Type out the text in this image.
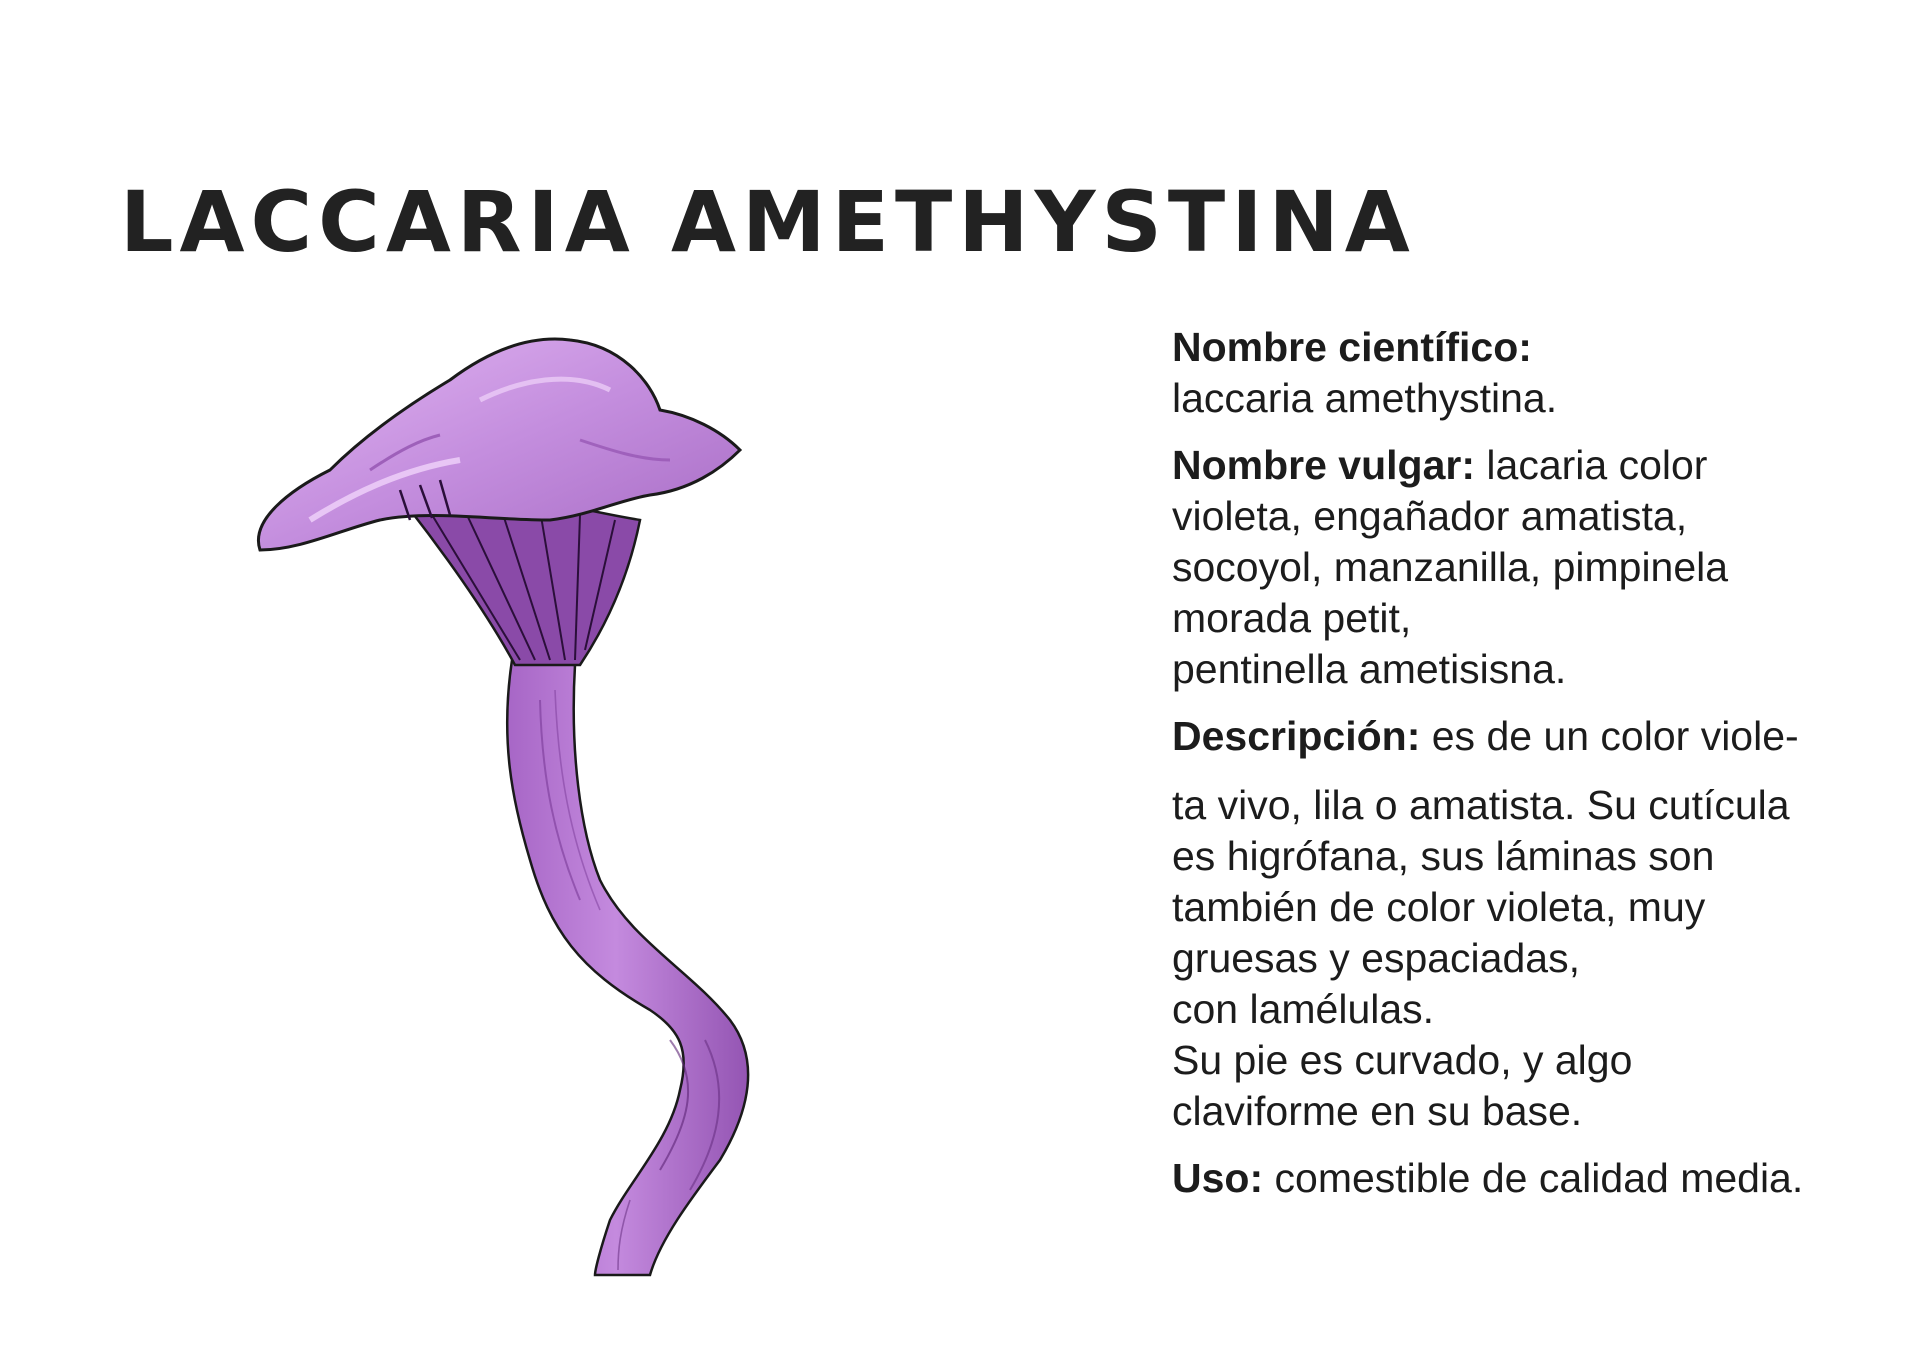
LACCARIA AMETHYSTINA

Nombre científico:
laccaria amethystina.

Nombre vulgar: lacaria color
violeta, engañador amatista,
socoyol, manzanilla, pimpinela
morada petit,
pentinella ametisisna.

Descripción: es de un color viole-

ta vivo, lila o amatista. Su cutícula
es higrófana, sus láminas son
también de color violeta, muy
gruesas y espaciadas,
con lamélulas.
Su pie es curvado, y algo
claviforme en su base.

Uso: comestible de calidad media.
